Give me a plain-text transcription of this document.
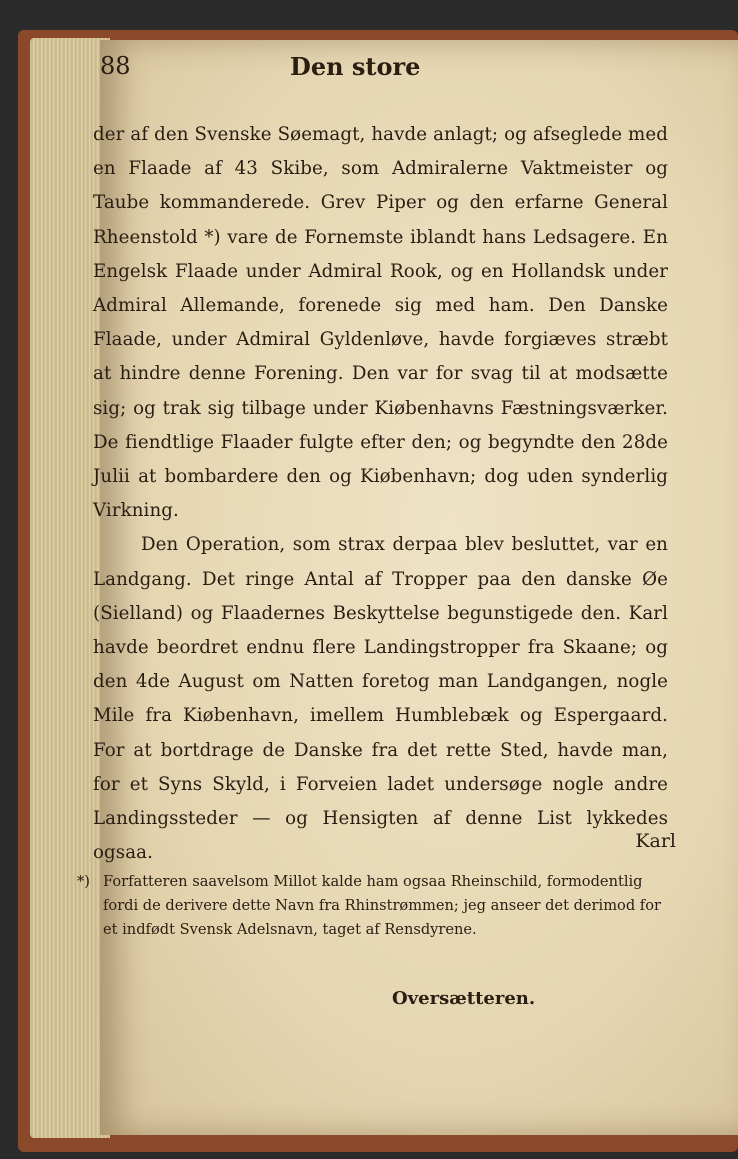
88	Den store

der af den Svenske Søemagt, havde anlagt; og afseglede med en Flaade af 43 Skibe, som Admiralerne Vaktmeister og Taube kommanderede. Grev Piper og den erfarne General Rheenstold *) vare de Fornemste iblandt hans Ledsagere. En Engelsk Flaade under Admiral Rook, og en Hollandsk under Admiral Allemande, forenede sig med ham. Den Danske Flaade, under Admiral Gyldenløve, havde forgiæves stræbt at hindre denne Forening. Den var for svag til at modsætte sig; og trak sig tilbage under Kiøbenhavns Fæstningsværker. De fiendtlige Flaader fulgte efter den; og begyndte den 28de Julii at bombardere den og Kiøbenhavn; dog uden synderlig Virkning.

Den Operation, som strax derpaa blev besluttet, var en Landgang. Det ringe Antal af Tropper paa den danske Øe (Sielland) og Flaadernes Beskyttelse begunstigede den. Karl havde beordret endnu flere Landingstropper fra Skaane; og den 4de August om Natten foretog man Landgangen, nogle Mile fra Kiøbenhavn, imellem Humblebæk og Espergaard. For at bortdrage de Danske fra det rette Sted, havde man, for et Syns Skyld, i Forveien ladet undersøge nogle andre Landingssteder — og Hensigten af denne List lykkedes ogsaa.

Karl
*) Forfatteren saavelsom Millot kalde ham ogsaa Rheinschild, formodentlig fordi de derivere dette Navn fra Rhinstrømmen; jeg anseer det derimod for et indfødt Svensk Adelsnavn, taget af Rensdyrene.

Oversætteren.
